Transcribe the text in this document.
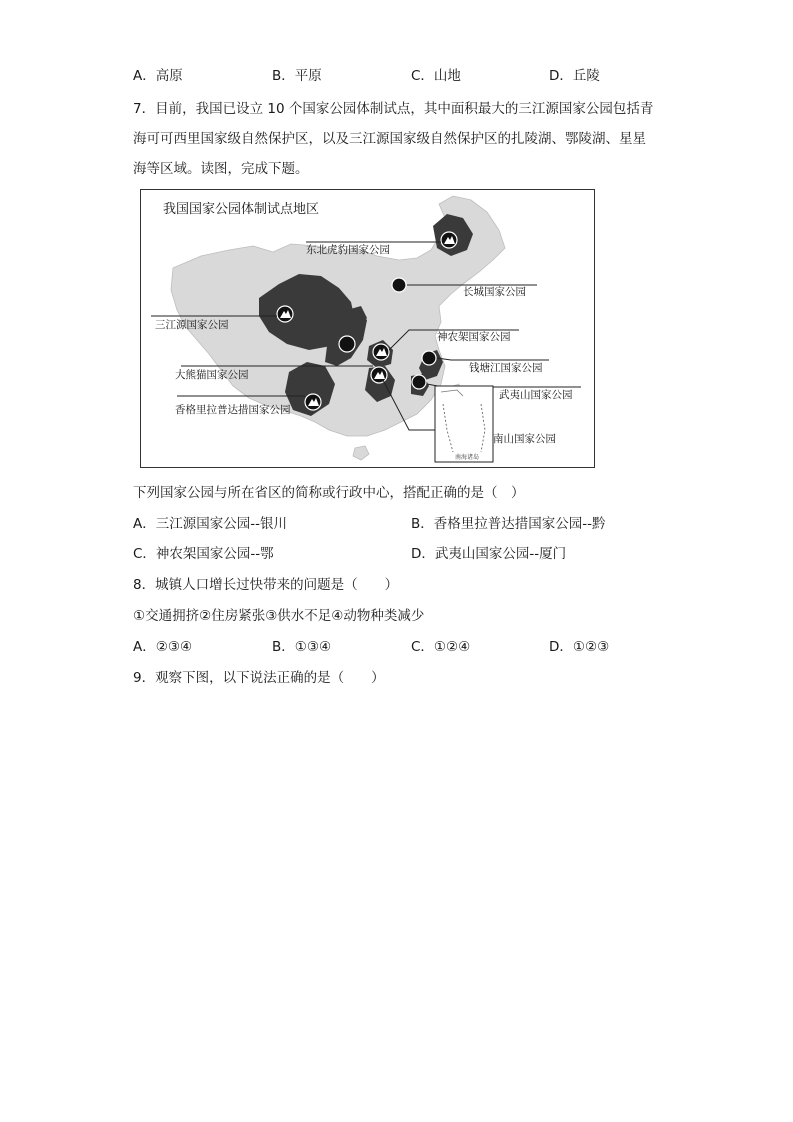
A．高原	B．平原	C．山地	D．丘陵
7．目前，我国已设立 10 个国家公园体制试点，其中面积最大的三江源国家公园包括青
海可可西里国家级自然保护区，以及三江源国家级自然保护区的扎陵湖、鄂陵湖、星星
海等区域。读图，完成下题。
我国国家公园体制试点地区
东北虎豹国家公园
长城国家公园
三江源国家公园
神农架国家公园
钱塘江国家公园
大熊猫国家公园
武夷山国家公园
香格里拉普达措国家公园
南山国家公园
南海诸岛
下列国家公园与所在省区的简称或行政中心，搭配正确的是（　）
A．三江源国家公园--银川	B．香格里拉普达措国家公园--黔
C．神农架国家公园--鄂	D．武夷山国家公园--厦门
8．城镇人口增长过快带来的问题是（　　）
①交通拥挤②住房紧张③供水不足④动物种类减少
A．②③④	B．①③④	C．①②④	D．①②③
9．观察下图，以下说法正确的是（　　）
